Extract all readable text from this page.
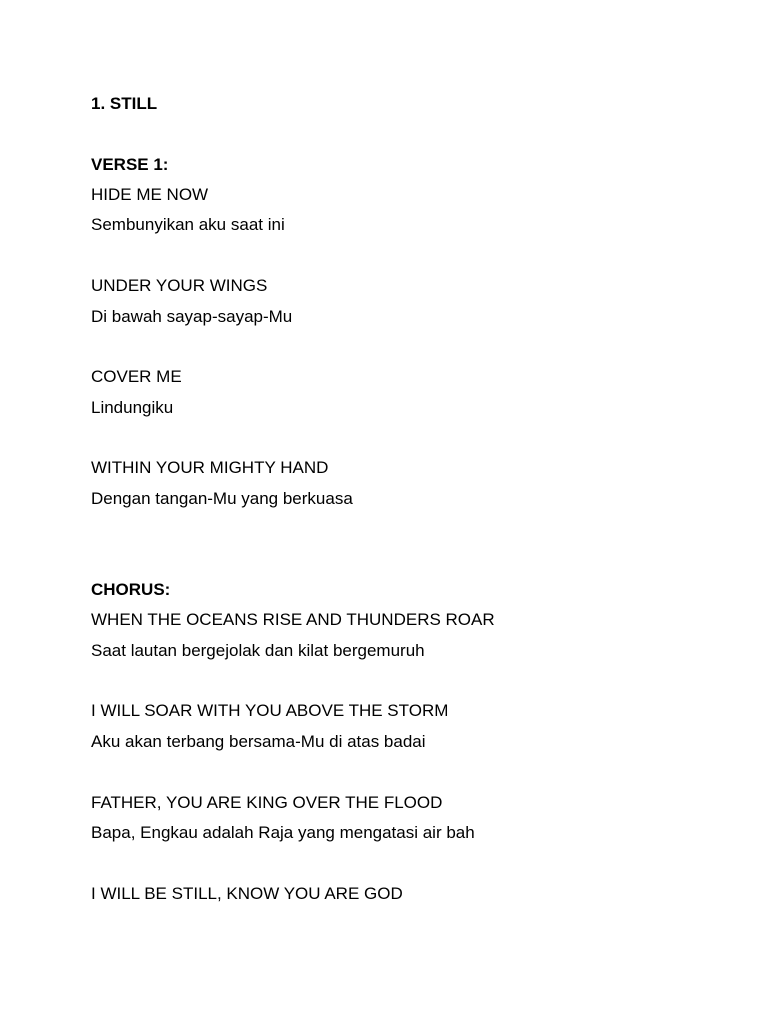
1. STILL
VERSE 1:
HIDE ME NOW
Sembunyikan aku saat ini
UNDER YOUR WINGS
Di bawah sayap-sayap-Mu
COVER ME
Lindungiku
WITHIN YOUR MIGHTY HAND
Dengan tangan-Mu yang berkuasa
CHORUS:
WHEN THE OCEANS RISE AND THUNDERS ROAR
Saat lautan bergejolak dan kilat bergemuruh
I WILL SOAR WITH YOU ABOVE THE STORM
Aku akan terbang bersama-Mu di atas badai
FATHER, YOU ARE KING OVER THE FLOOD
Bapa, Engkau adalah Raja yang mengatasi air bah
I WILL BE STILL, KNOW YOU ARE GOD
